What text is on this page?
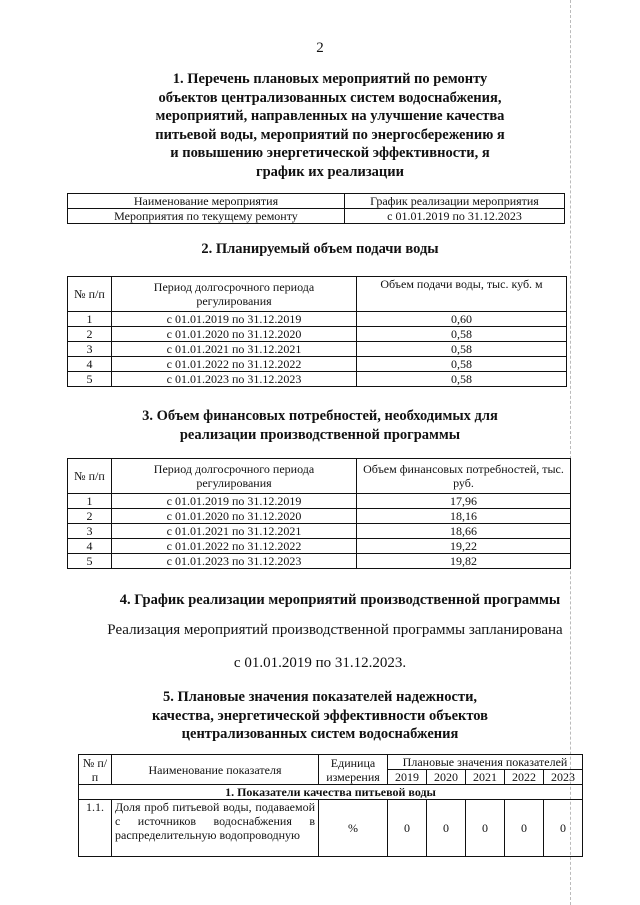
2
1. Перечень плановых мероприятий по ремонту
объектов централизованных систем водоснабжения,
мероприятий, направленных на улучшение качества
питьевой воды, мероприятий по энергосбережению я
и повышению энергетической эффективности, я
график их реализации
Наименование мероприятия	График реализации мероприятия
Мероприятия по текущему ремонту	с 01.01.2019 по 31.12.2023
2. Планируемый объем подачи воды
№ п/п	Период долгосрочного периода регулирования	Объем подачи воды, тыс. куб. м
1	с 01.01.2019 по 31.12.2019	0,60
2	с 01.01.2020 по 31.12.2020	0,58
3	с 01.01.2021 по 31.12.2021	0,58
4	с 01.01.2022 по 31.12.2022	0,58
5	с 01.01.2023 по 31.12.2023	0,58
3. Объем финансовых потребностей, необходимых для
реализации производственной программы
№ п/п	Период долгосрочного периода регулирования	Объем финансовых потребностей, тыс. руб.
1	с 01.01.2019 по 31.12.2019	17,96
2	с 01.01.2020 по 31.12.2020	18,16
3	с 01.01.2021 по 31.12.2021	18,66
4	с 01.01.2022 по 31.12.2022	19,22
5	с 01.01.2023 по 31.12.2023	19,82
4. График реализации мероприятий производственной программы
Реализация мероприятий производственной программы запланирована
с 01.01.2019 по 31.12.2023.
5. Плановые значения показателей надежности,
качества, энергетической эффективности объектов
централизованных систем водоснабжения
№ п/п	Наименование показателя	Единица измерения	Плановые значения показателей				
			2019	2020	2021	2022	2023
1. Показатели качества питьевой воды							
1.1.	Доля проб питьевой воды, подаваемой с источников водоснабжения в распределительную водопроводную	%	0	0	0	0	0
